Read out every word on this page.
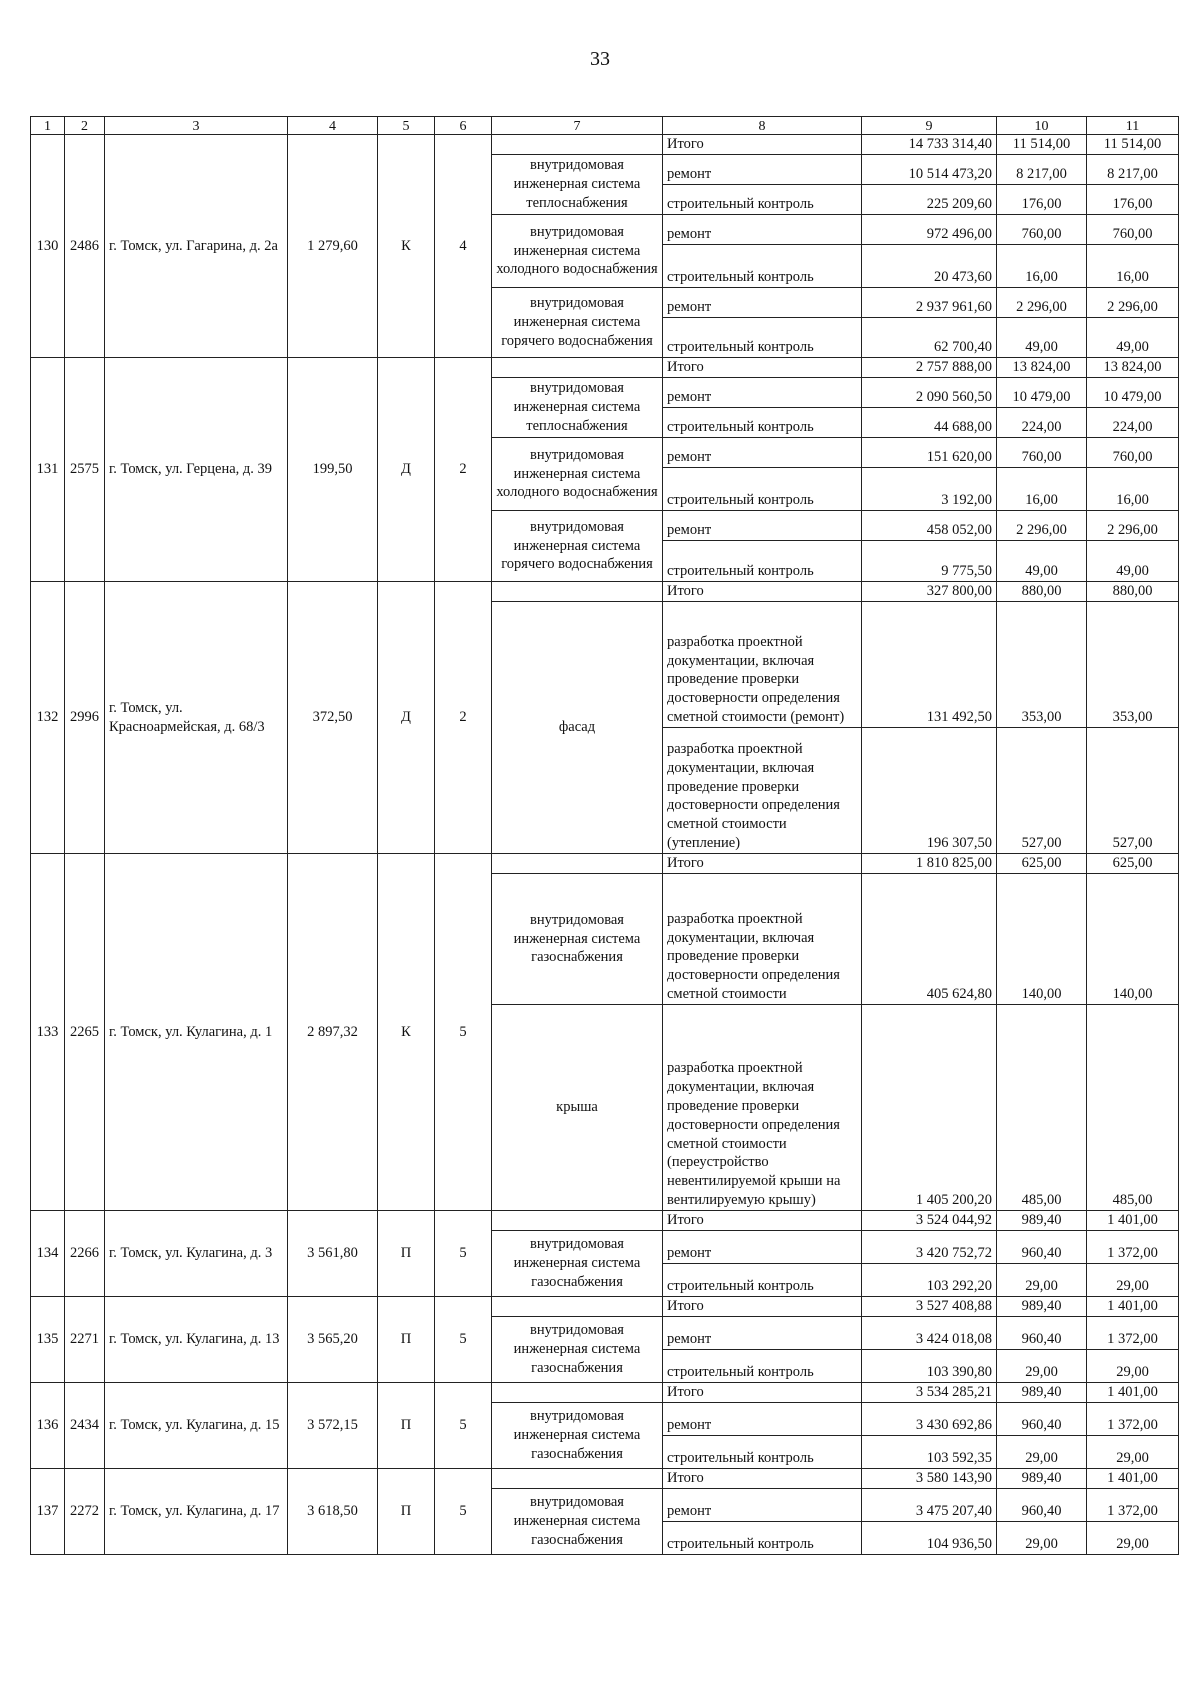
33
1	2	3	4	5	6	7	8	9	10	11
130	2486	г. Томск, ул. Гагарина, д. 2а	1 279,60	К	4		Итого	14 733 314,40	11 514,00	11 514,00
						внутридомовая инженерная система теплоснабжения	ремонт	10 514 473,20	8 217,00	8 217,00
							строительный контроль	225 209,60	176,00	176,00
						внутридомовая инженерная система холодного водоснабжения	ремонт	972 496,00	760,00	760,00
							строительный контроль	20 473,60	16,00	16,00
						внутридомовая инженерная система горячего водоснабжения	ремонт	2 937 961,60	2 296,00	2 296,00
							строительный контроль	62 700,40	49,00	49,00
131	2575	г. Томск, ул. Герцена, д. 39	199,50	Д	2		Итого	2 757 888,00	13 824,00	13 824,00
						внутридомовая инженерная система теплоснабжения	ремонт	2 090 560,50	10 479,00	10 479,00
							строительный контроль	44 688,00	224,00	224,00
						внутридомовая инженерная система холодного водоснабжения	ремонт	151 620,00	760,00	760,00
							строительный контроль	3 192,00	16,00	16,00
						внутридомовая инженерная система горячего водоснабжения	ремонт	458 052,00	2 296,00	2 296,00
							строительный контроль	9 775,50	49,00	49,00
132	2996	г. Томск, ул. Красноармейская, д. 68/3	372,50	Д	2		Итого	327 800,00	880,00	880,00
						фасад	разработка проектной документации, включая проведение проверки достоверности определения сметной стоимости (ремонт)	131 492,50	353,00	353,00
							разработка проектной документации, включая проведение проверки достоверности определения сметной стоимости (утепление)	196 307,50	527,00	527,00
133	2265	г. Томск, ул. Кулагина, д. 1	2 897,32	К	5		Итого	1 810 825,00	625,00	625,00
						внутридомовая инженерная система газоснабжения	разработка проектной документации, включая проведение проверки достоверности определения сметной стоимости	405 624,80	140,00	140,00
						крыша	разработка проектной документации, включая проведение проверки достоверности определения сметной стоимости (переустройство невентилируемой крыши на вентилируемую крышу)	1 405 200,20	485,00	485,00
134	2266	г. Томск, ул. Кулагина, д. 3	3 561,80	П	5		Итого	3 524 044,92	989,40	1 401,00
						внутридомовая инженерная система газоснабжения	ремонт	3 420 752,72	960,40	1 372,00
							строительный контроль	103 292,20	29,00	29,00
135	2271	г. Томск, ул. Кулагина, д. 13	3 565,20	П	5		Итого	3 527 408,88	989,40	1 401,00
						внутридомовая инженерная система газоснабжения	ремонт	3 424 018,08	960,40	1 372,00
							строительный контроль	103 390,80	29,00	29,00
136	2434	г. Томск, ул. Кулагина, д. 15	3 572,15	П	5		Итого	3 534 285,21	989,40	1 401,00
						внутридомовая инженерная система газоснабжения	ремонт	3 430 692,86	960,40	1 372,00
							строительный контроль	103 592,35	29,00	29,00
137	2272	г. Томск, ул. Кулагина, д. 17	3 618,50	П	5		Итого	3 580 143,90	989,40	1 401,00
						внутридомовая инженерная система газоснабжения	ремонт	3 475 207,40	960,40	1 372,00
							строительный контроль	104 936,50	29,00	29,00
